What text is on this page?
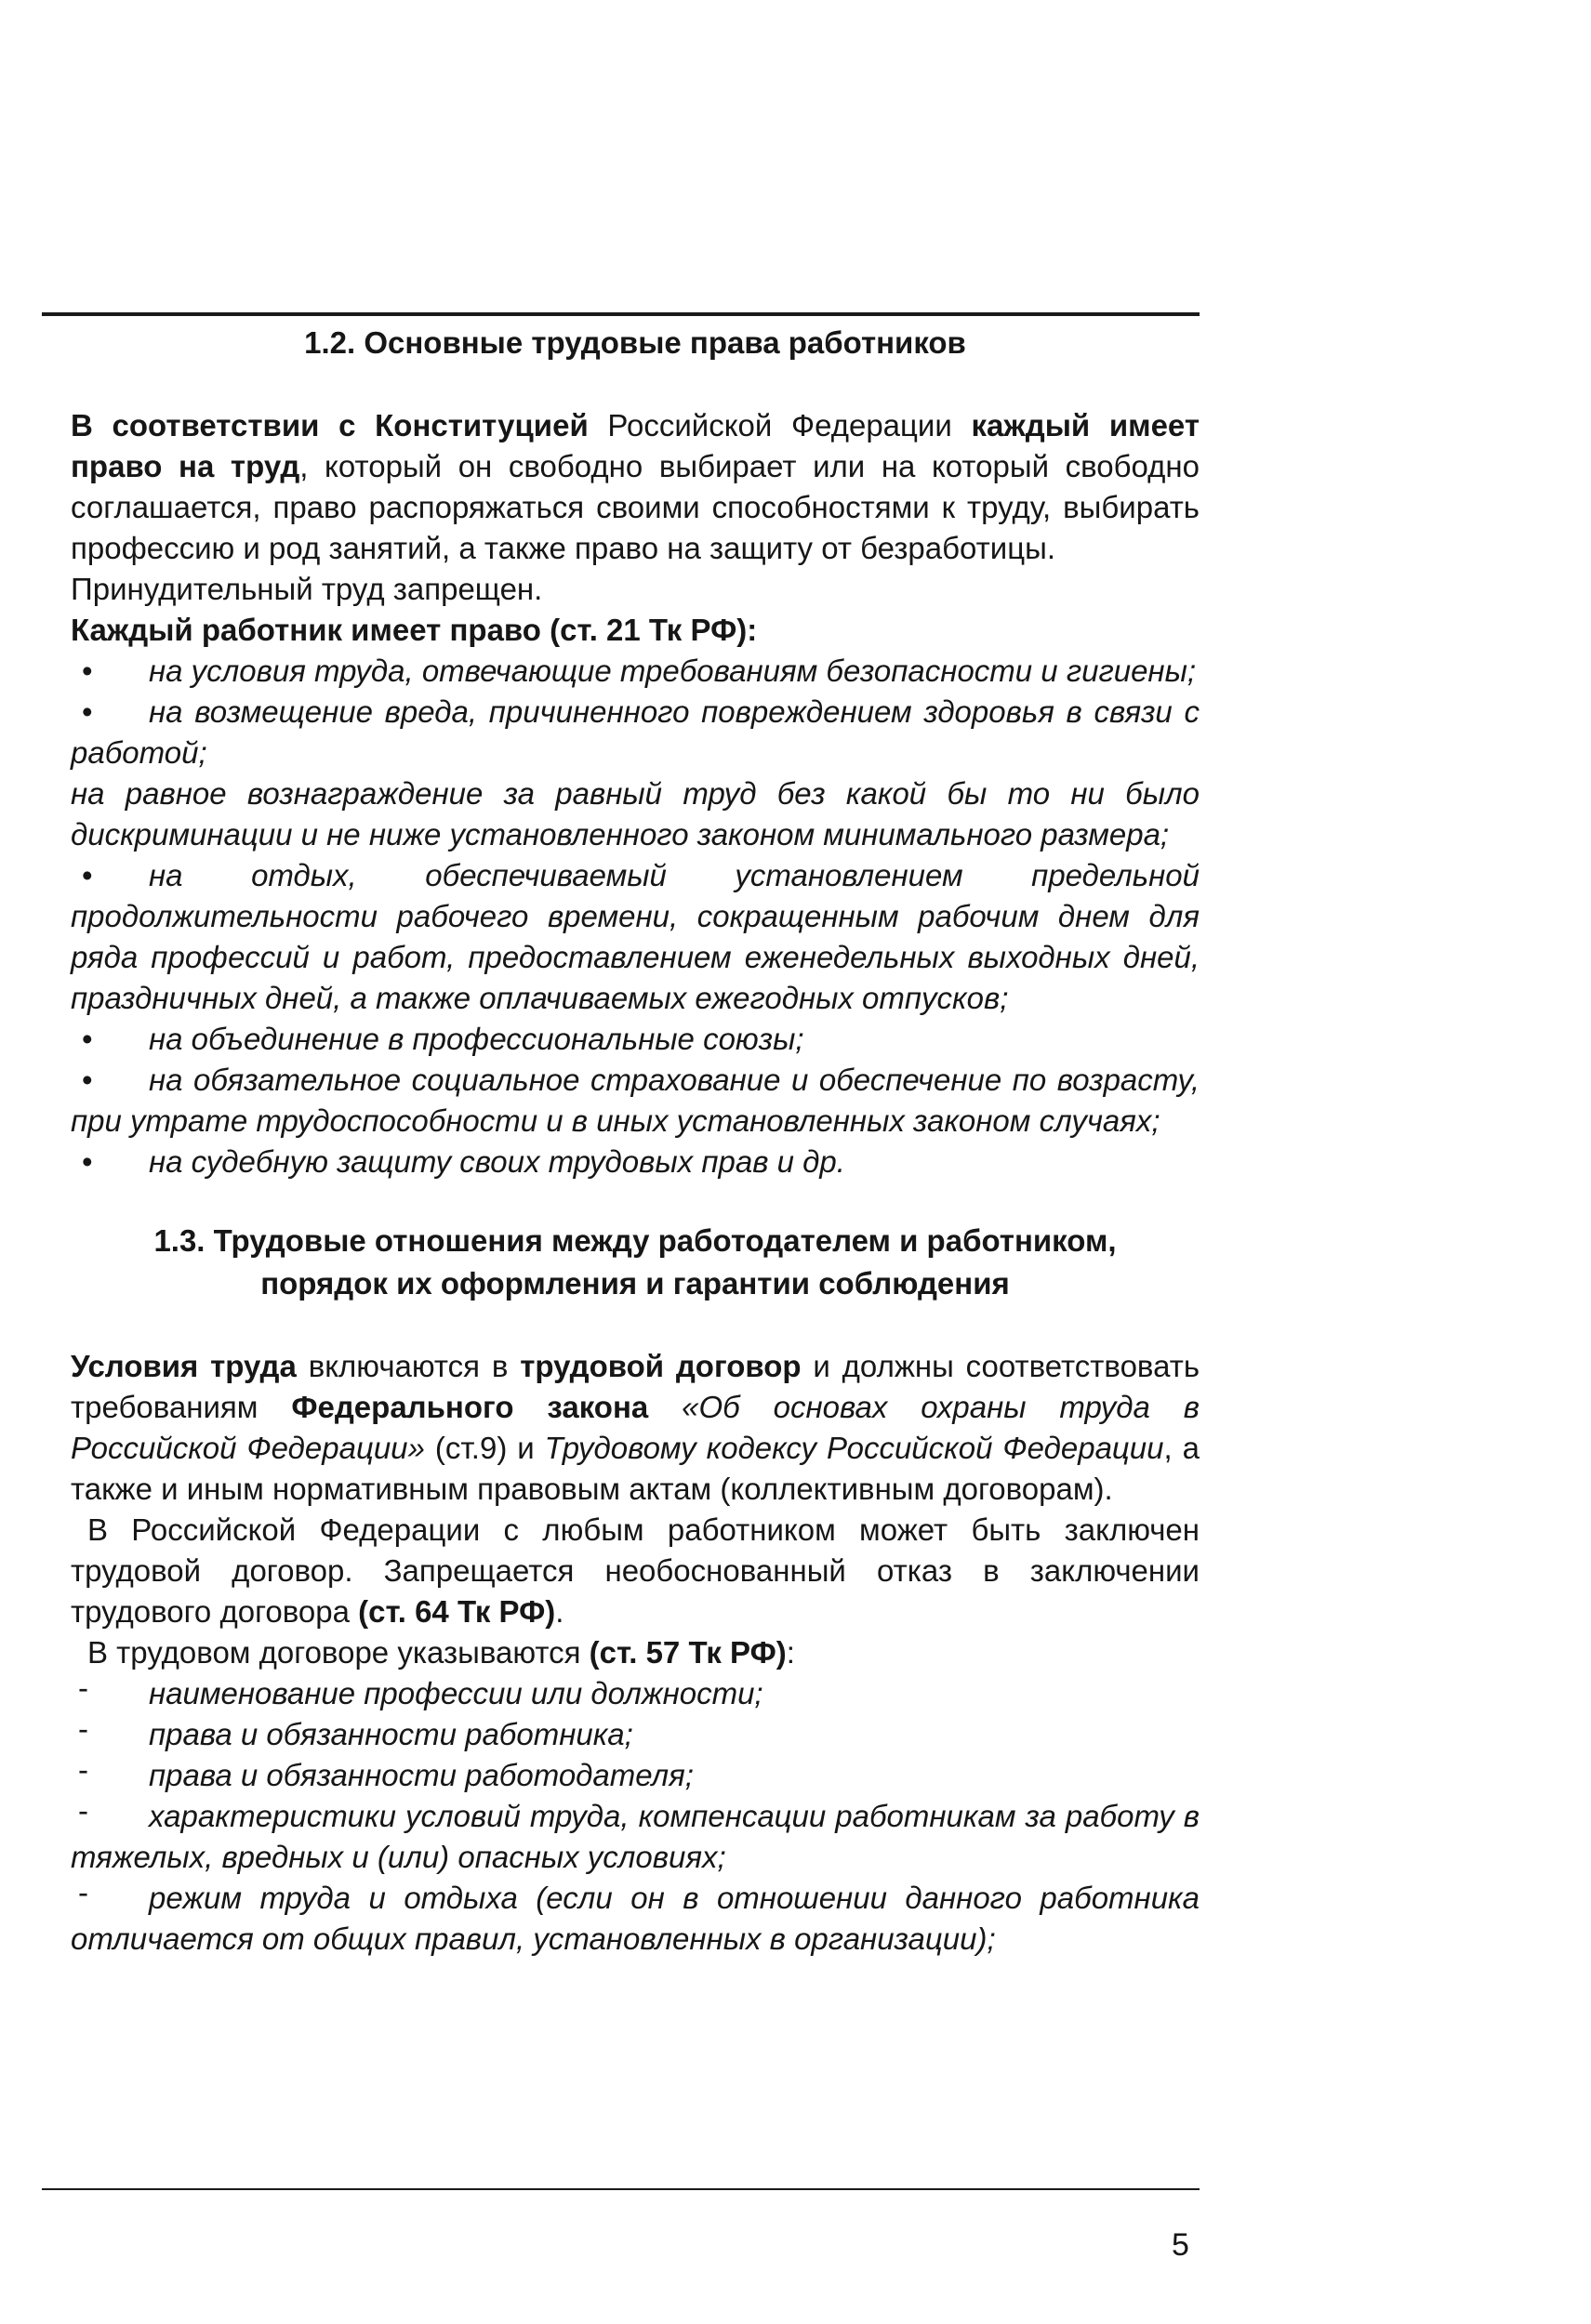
1.2. Основные трудовые права работников

В соответствии с Конституцией Российской Федерации каждый имеет право на труд, который он свободно выбирает или на который свободно соглашается, право распоряжаться своими способностями к труду, выбирать профессию и род занятий, а также право на защиту от безработицы.

Принудительный труд запрещен.

Каждый работник имеет право (ст. 21 Тк РФ):

• на условия труда, отвечающие требованиям безопасности и гигиены;
• на возмещение вреда, причиненного повреждением здоровья в связи с работой;
на равное вознаграждение за равный труд без какой бы то ни было дискриминации и не ниже установленного законом минимального размера;
• на отдых, обеспечиваемый установлением предельной продолжительности рабочего времени, сокращенным рабочим днем для ряда профессий и работ, предоставлением еженедельных выходных дней, праздничных дней, а также оплачиваемых ежегодных отпусков;
• на объединение в профессиональные союзы;
• на обязательное социальное страхование и обеспечение по возрасту, при утрате трудоспособности и в иных установленных законом случаях;
• на судебную защиту своих трудовых прав и др.
1.3. Трудовые отношения между работодателем и работником,
порядок их оформления и гарантии соблюдения

Условия труда включаются в трудовой договор и должны соответствовать требованиям Федерального закона «Об основах охраны труда в Российской Федерации» (ст.9) и Трудовому кодексу Российской Федерации, а также и иным нормативным правовым актам (коллективным договорам).

В Российской Федерации с любым работником может быть заключен трудовой договор. Запрещается необоснованный отказ в заключении трудового договора (ст. 64 Тк РФ).

В трудовом договоре указываются (ст. 57 Тк РФ):

- наименование профессии или должности;
- права и обязанности работника;
- права и обязанности работодателя;
- характеристики условий труда, компенсации работникам за работу в тяжелых, вредных и (или) опасных условиях;
- режим труда и отдыха (если он в отношении данного работника отличается от общих правил, установленных в организации);
5
